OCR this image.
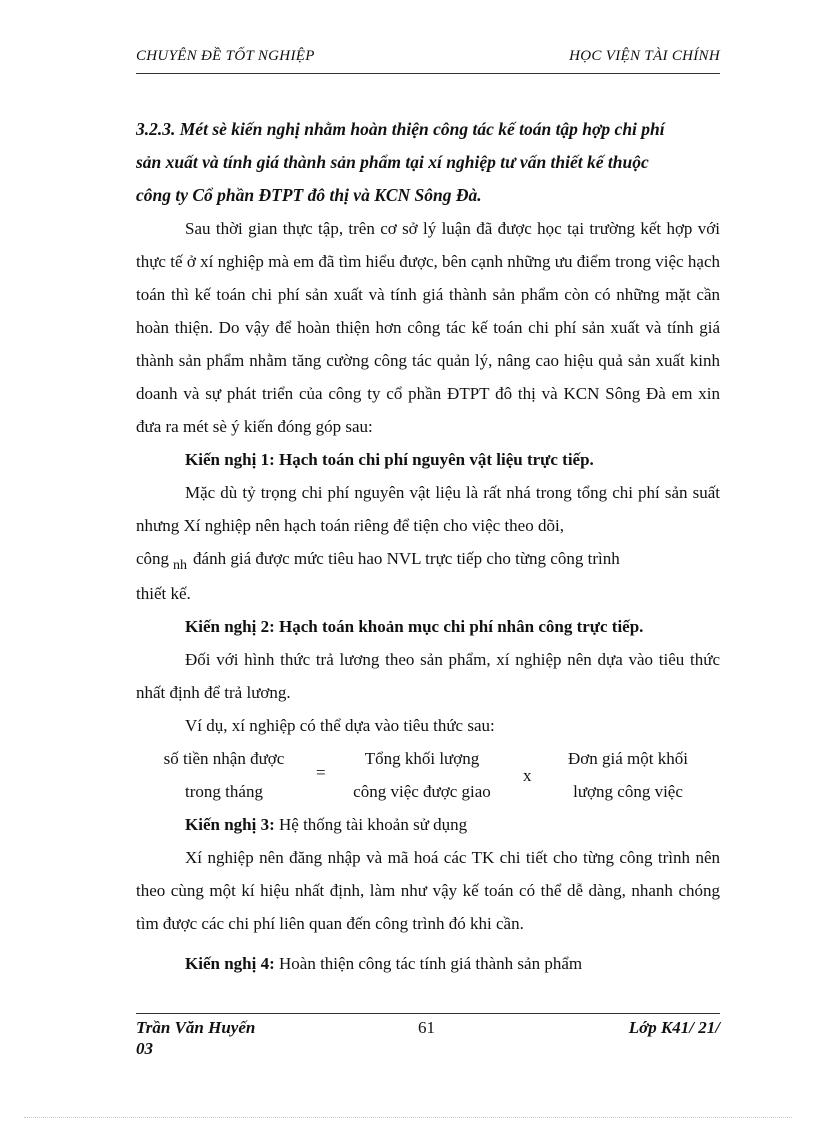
CHUYÊN ĐỀ TỐT NGHIỆP	HỌC VIỆN TÀI CHÍNH

3.2.3. Mét sè kiến nghị nhằm hoàn thiện công tác kế toán tập hợp chi phí
sản xuất và tính giá thành sản phẩm tại xí nghiệp tư vấn thiết kế thuộc
công ty Cổ phần ĐTPT đô thị và KCN Sông Đà.

Sau thời gian thực tập, trên cơ sở lý luận đã được học tại trường kết hợp với thực tế ở xí nghiệp mà em đã tìm hiểu được, bên cạnh những ưu điểm trong việc hạch toán thì kế toán chi phí sản xuất và tính giá thành sản phẩm còn có những mặt cần hoàn thiện. Do vậy để hoàn thiện hơn công tác kế toán chi phí sản xuất và tính giá thành sản phẩm nhằm tăng cường công tác quản lý, nâng cao hiệu quả sản xuất kinh doanh và sự phát triển của công ty cổ phần ĐTPT đô thị và KCN Sông Đà em xin đưa ra mét sè ý kiến đóng góp sau:

Kiến nghị 1: Hạch toán chi phí nguyên vật liệu trực tiếp.

Mặc dù tỷ trọng chi phí nguyên vật liệu là rất nhá trong tổng chi phí sản suất nhưng Xí nghiệp nên hạch toán riêng để tiện cho việc theo dõi,

công $_{nh}$ đánh giá được mức tiêu hao NVL trực tiếp cho từng công trình

thiết kế.

Kiến nghị 2: Hạch toán khoản mục chi phí nhân công trực tiếp.

Đối với hình thức trả lương theo sản phẩm, xí nghiệp nên dựa vào tiêu thức nhất định để trả lương.

Ví dụ, xí nghiệp có thể dựa vào tiêu thức sau:

số tiền nhận được
trong tháng
=
Tổng khối lượng
công việc được giao
x
Đơn giá một khối
lượng công việc

Kiến nghị 3: Hệ thống tài khoản sử dụng

Xí nghiệp nên đăng nhập và mã hoá các TK chi tiết cho từng công trình nên theo cùng một kí hiệu nhất định, làm như vậy kế toán có thể dễ dàng, nhanh chóng tìm được các chi phí liên quan đến công trình đó khi cần.

Kiến nghị 4: Hoàn thiện công tác tính giá thành sản phẩm

Trần Văn Huyến
03
61	Lớp K41/ 21/
